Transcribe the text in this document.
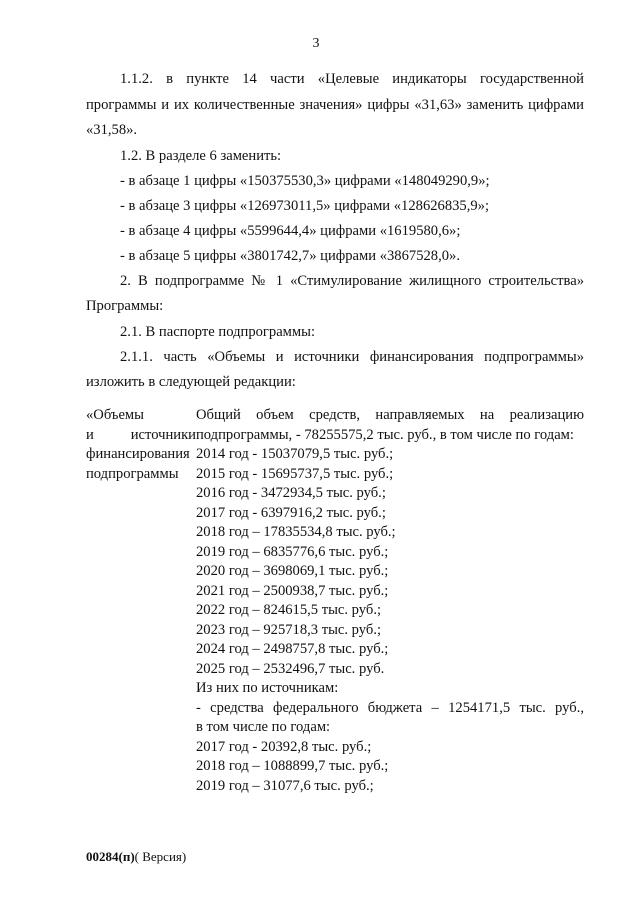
3

1.1.2. в пункте 14 части «Целевые индикаторы государственной программы и их количественные значения» цифры «31,63» заменить цифрами «31,58».

1.2. В разделе 6 заменить:

- в абзаце 1 цифры «150375530,3» цифрами «148049290,9»;

- в абзаце 3 цифры «126973011,5» цифрами «128626835,9»;

- в абзаце 4 цифры «5599644,4» цифрами «1619580,6»;

- в абзаце 5 цифры «3801742,7» цифрами «3867528,0».

2. В подпрограмме № 1 «Стимулирование жилищного строительства» Программы:

2.1. В паспорте подпрограммы:

2.1.1. часть «Объемы и источники финансирования подпрограммы» изложить в следующей редакции:

«Объемы
и источники
финансирования
подпрограммы
Общий объем средств, направляемых на реализацию подпрограммы, - 78255575,2 тыс. руб., в том числе по годам:
2014 год - 15037079,5 тыс. руб.;
2015 год - 15695737,5 тыс. руб.;
2016 год - 3472934,5 тыс. руб.;
2017 год - 6397916,2 тыс. руб.;
2018 год – 17835534,8 тыс. руб.;
2019 год – 6835776,6 тыс. руб.;
2020 год – 3698069,1 тыс. руб.;
2021 год – 2500938,7 тыс. руб.;
2022 год – 824615,5 тыс. руб.;
2023 год – 925718,3 тыс. руб.;
2024 год – 2498757,8 тыс. руб.;
2025 год – 2532496,7 тыс. руб.
Из них по источникам:
- средства федерального бюджета – 1254171,5 тыс. руб.,
в том числе по годам:
2017 год - 20392,8 тыс. руб.;
2018 год – 1088899,7 тыс. руб.;
2019 год – 31077,6 тыс. руб.;
00284(п)( Версия)
